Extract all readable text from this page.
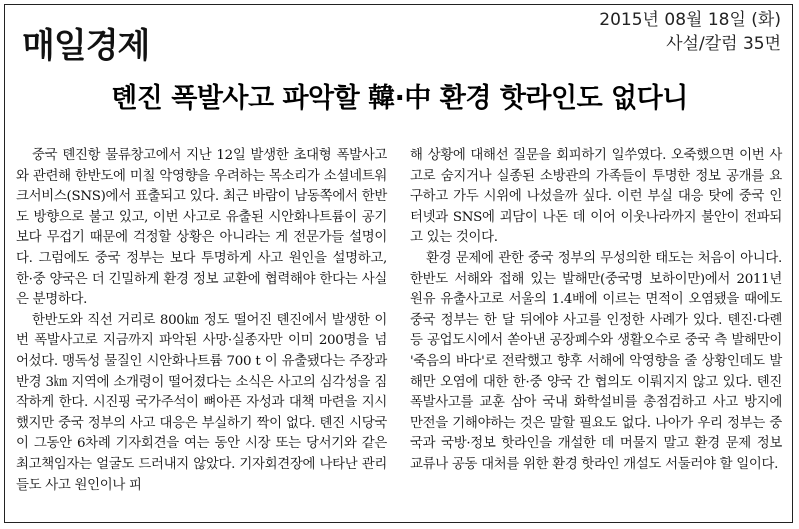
매일경제
2015년 08월 18일 (화)
사설/칼럼 35면
톈진 폭발사고 파악할 韓·中 환경 핫라인도 없다니

중국 톈진항 물류창고에서 지난 12일 발생한 초대형 폭발사고와 관련해 한반도에 미칠 악영향을 우려하는 목소리가 소셜네트워크서비스(SNS)에서 표출되고 있다. 최근 바람이 남동쪽에서 한반도 방향으로 불고 있고, 이번 사고로 유출된 시안화나트륨이 공기보다 무겁기 때문에 걱정할 상황은 아니라는 게 전문가들 설명이다. 그럼에도 중국 정부는 보다 투명하게 사고 원인을 설명하고, 한·중 양국은 더 긴밀하게 환경 정보 교환에 협력해야 한다는 사실은 분명하다.

한반도와 직선 거리로 800㎞ 정도 떨어진 톈진에서 발생한 이번 폭발사고로 지금까지 파악된 사망·실종자만 이미 200명을 넘어섰다. 맹독성 물질인 시안화나트륨 700 t 이 유출됐다는 주장과 반경 3㎞ 지역에 소개령이 떨어졌다는 소식은 사고의 심각성을 짐작하게 한다. 시진핑 국가주석이 뼈아픈 자성과 대책 마련을 지시했지만 중국 정부의 사고 대응은 부실하기 짝이 없다. 톈진 시당국이 그동안 6차례 기자회견을 여는 동안 시장 또는 당서기와 같은 최고책임자는 얼굴도 드러내지 않았다. 기자회견장에 나타난 관리들도 사고 원인이나 피

해 상황에 대해선 질문을 회피하기 일쑤였다. 오죽했으면 이번 사고로 숨지거나 실종된 소방관의 가족들이 투명한 정보 공개를 요구하고 가두 시위에 나섰을까 싶다. 이런 부실 대응 탓에 중국 인터넷과 SNS에 괴담이 나돈 데 이어 이웃나라까지 불안이 전파되고 있는 것이다.

환경 문제에 관한 중국 정부의 무성의한 태도는 처음이 아니다. 한반도 서해와 접해 있는 발해만(중국명 보하이만)에서 2011년 원유 유출사고로 서울의 1.4배에 이르는 면적이 오염됐을 때에도 중국 정부는 한 달 뒤에야 사고를 인정한 사례가 있다. 톈진·다롄 등 공업도시에서 쏟아낸 공장폐수와 생활오수로 중국 측 발해만이 '죽음의 바다'로 전락했고 향후 서해에 악영향을 줄 상황인데도 발해만 오염에 대한 한·중 양국 간 협의도 이뤄지지 않고 있다. 톈진 폭발사고를 교훈 삼아 국내 화학설비를 총점검하고 사고 방지에 만전을 기해야하는 것은 말할 필요도 없다. 나아가 우리 정부는 중국과 국방·정보 핫라인을 개설한 데 머물지 말고 환경 문제 정보 교류나 공동 대처를 위한 환경 핫라인 개설도 서둘러야 할 일이다.
